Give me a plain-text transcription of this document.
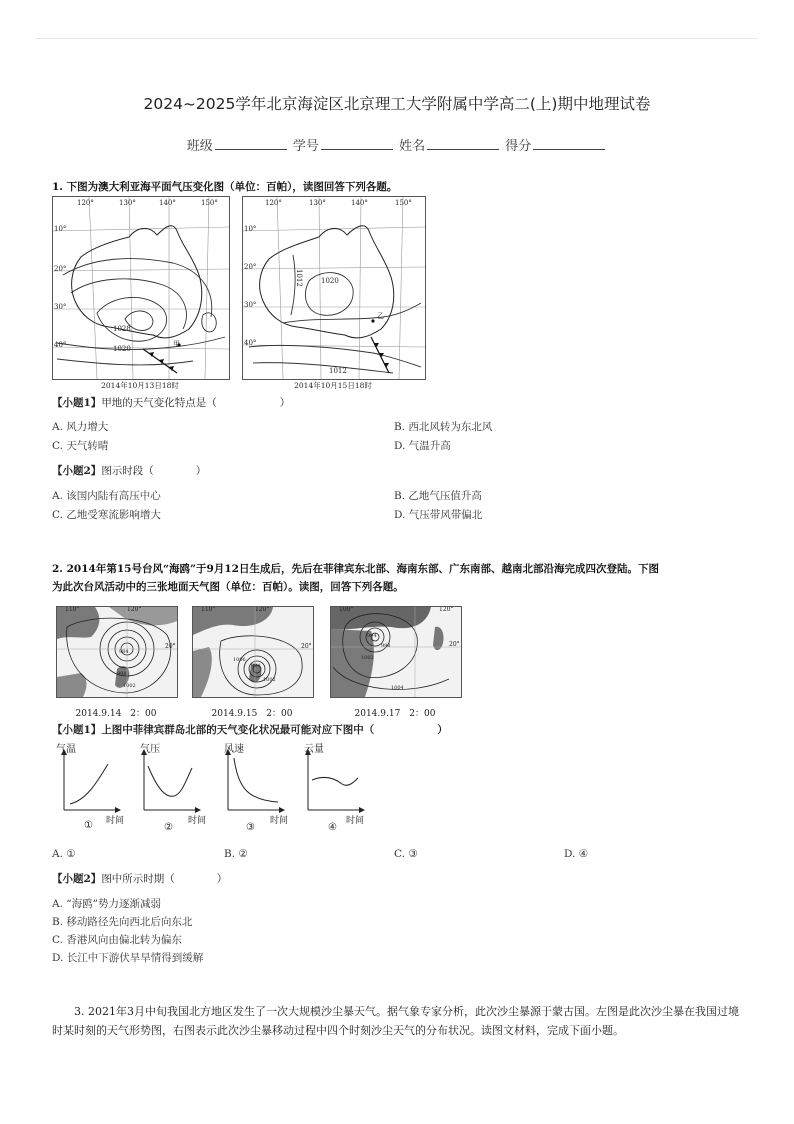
2024~2025学年北京海淀区北京理工大学附属中学高二(上)期中地理试卷
班级	学号	姓名	得分
1. 下图为澳大利亚海平面气压变化图（单位：百帕），读图回答下列各题。
120°	130°	140°	150°
10°
20°
30°
40°
1028
1020
甲
2014年10月13日18时
120°	130°	140°	150°
10°
20°
30°
40°
1012	1020
1012
乙
2014年10月15日18时
【小题1】甲地的天气变化特点是（　　　　　　）
A. 风力增大	B. 西北风转为东北风
C. 天气转晴	D. 气温升高
【小题2】图示时段（　　　　）
A. 该国内陆有高压中心	B. 乙地气压值升高
C. 乙地受寒流影响增大	D. 气压带风带偏北
2. 2014年第15号台风“海鸥”于9月12日生成后，先后在菲律宾东北部、海南东部、广东南部、越南北部沿海完成四次登陆。下图
为此次台风活动中的三张地面天气图（单位：百帕）。读图，回答下列各题。
110°	120°
20°
984
998
1002
2014.9.14　2：00
110°	120°
20°
994
1002
1006
2014.9.15　2：00
100°	120°
20°
994
1002
1004
998
2014.9.17　2：00
【小题1】上图中菲律宾群岛北部的天气变化状况最可能对应下图中（　　　　　　）
气温
① 时间
气压
②
时间
风速
③
时间
云量
④
时间
A. ①	B. ②	C. ③	D. ④
【小题2】图中所示时期（　　　　）
A. “海鸥”势力逐渐减弱
B. 移动路径先向西北后向东北
C. 香港风向由偏北转为偏东
D. 长江中下游伏旱旱情得到缓解
3. 2021年3月中旬我国北方地区发生了一次大规模沙尘暴天气。据气象专家分析，此次沙尘暴源于蒙古国。左图是此次沙尘暴在我国过境时某时刻的天气形势图，右图表示此次沙尘暴移动过程中四个时刻沙尘天气的分布状况。读图文材料，完成下面小题。
